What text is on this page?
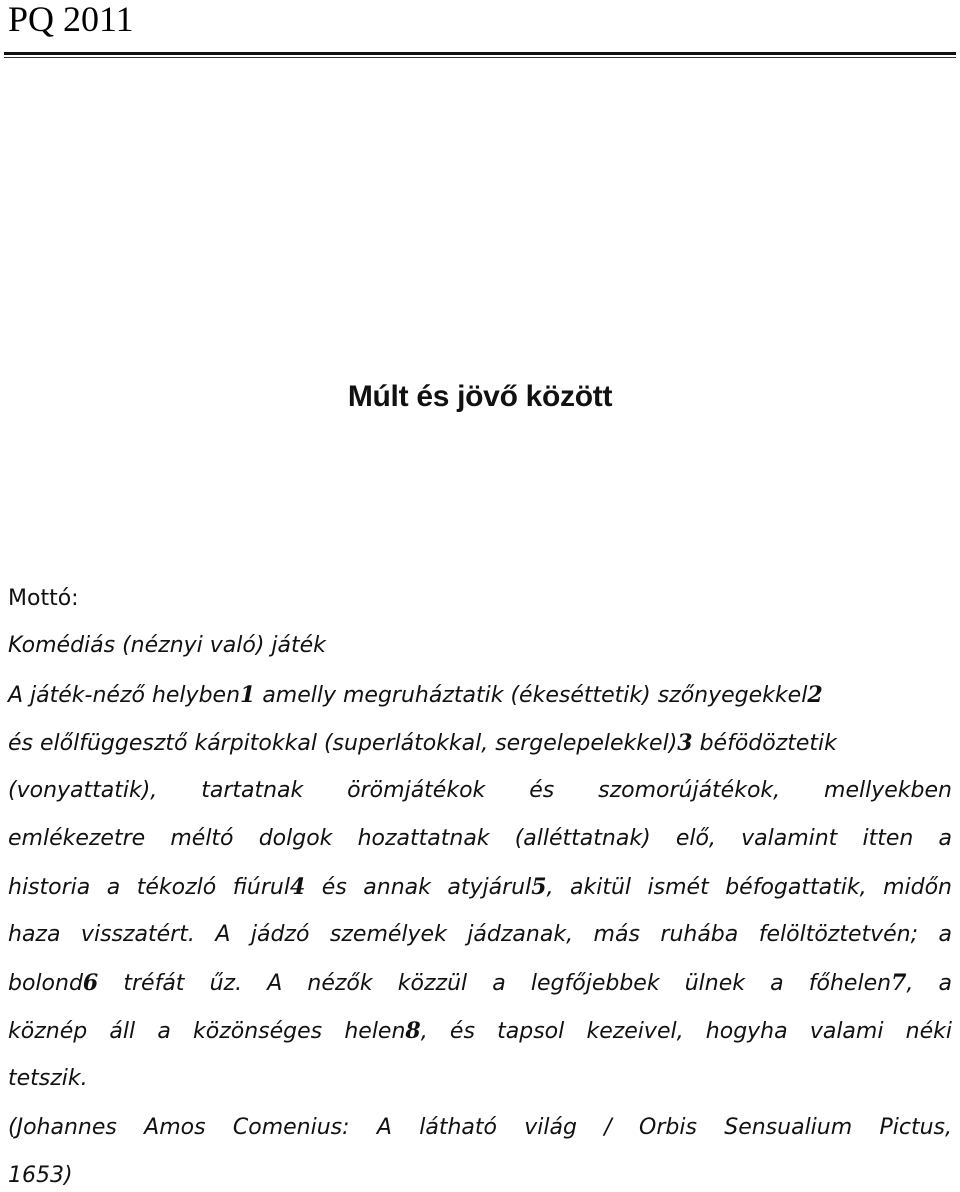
PQ 2011
Múlt és jövő között
Mottó:
Komédiás (néznyi való) játék
A játék-néző helyben1 amelly megruháztatik (ékeséttetik) szőnyegekkel2
és előlfüggesztő kárpitokkal (superlátokkal, sergelepelekkel)3 béfödöztetik
(vonyattatik), tartatnak örömjátékok és szomorújátékok, mellyekben
emlékezetre méltó dolgok hozattatnak (alléttatnak) elő, valamint itten a
historia a tékozló fiúrul4 és annak atyjárul5, akitül ismét béfogattatik, midőn
haza visszatért. A jádzó személyek jádzanak, más ruhába felöltöztetvén; a
bolond6 tréfát űz. A nézők közzül a legfőjebbek ülnek a főhelen7, a
köznép áll a közönséges helen8, és tapsol kezeivel, hogyha valami néki
tetszik.
(Johannes Amos Comenius: A látható világ / Orbis Sensualium Pictus,
1653)
